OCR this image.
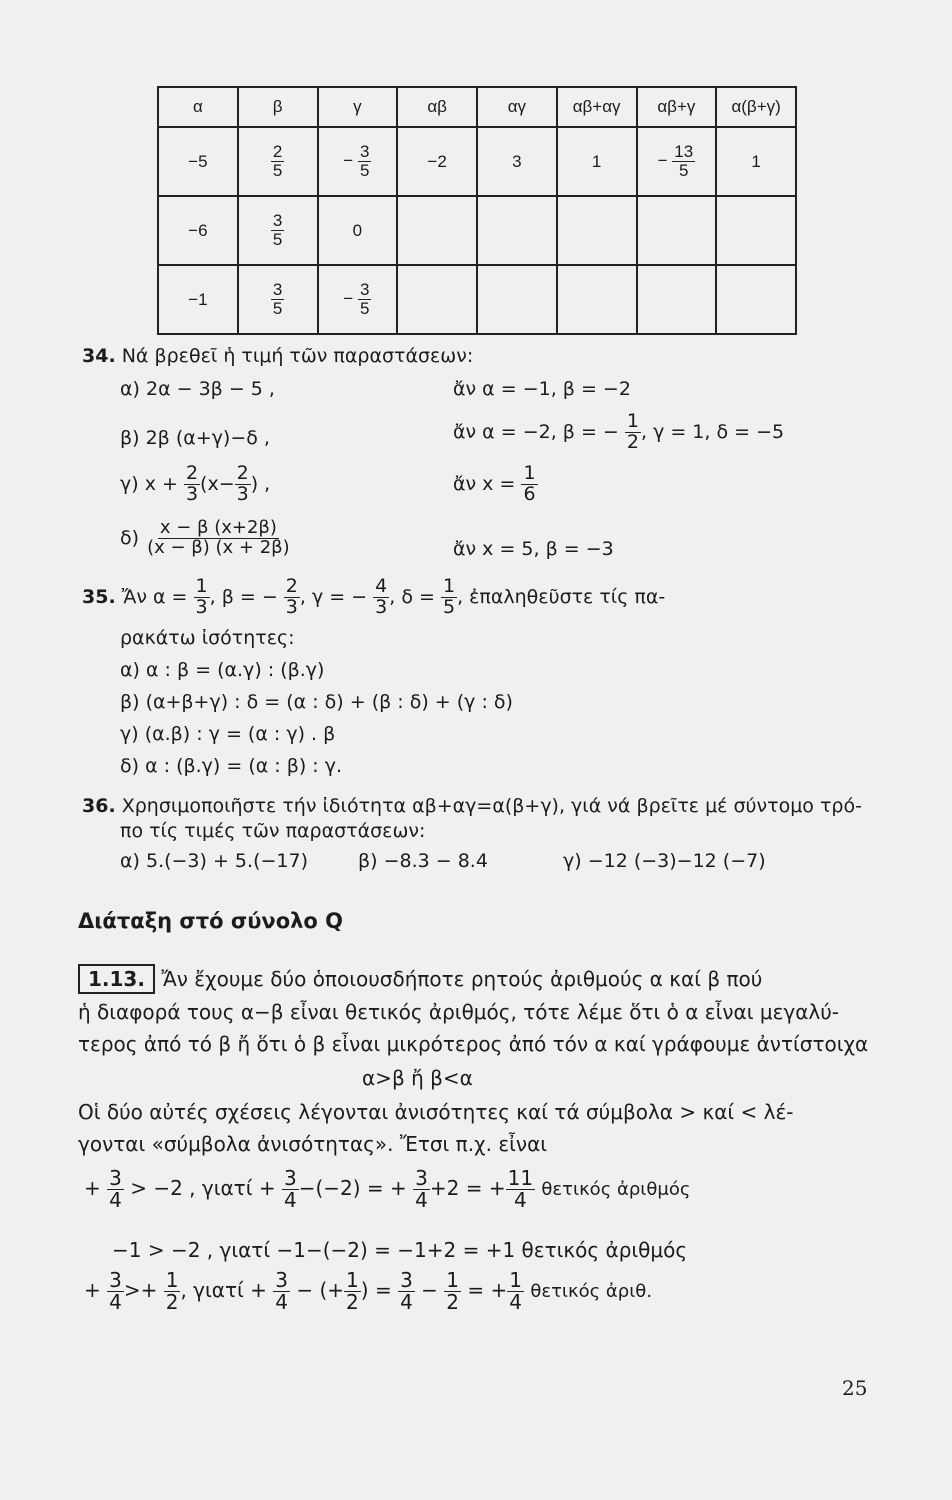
α	β	γ	αβ	αγ	αβ+αγ	αβ+γ	α(β+γ)
−5	$\frac{2}{5}$	− $\frac{3}{5}$	−2	3	1	− $\frac{13}{5}$	1
−6	$\frac{3}{5}$	0					
−1	$\frac{3}{5}$	− $\frac{3}{5}$

34. Νά βρεθεῖ ἡ τιμή τῶν παραστάσεων:
α) 2α − 3β − 5 ,	ἄν α = −1, β = −2
β) 2β (α+γ)−δ ,	ἄν α = −2, β = − $\frac{1}{2}$ , γ = 1, δ = −5
γ) $x + \frac{2}{3} (x- \frac{2}{3}$ ) ,	ἄν $x = \frac{1}{6}$
$\delta) \frac{x - \beta (x+2\beta)}{(x - \beta) (x + 2\beta)}$	ἄν x = 5, β = −3
35. Ἄν $\alpha = \frac{1}{3}$ , β = − $\frac{2}{3}$ , γ = − $\frac{4}{3}$ , $\delta = \frac{1}{5}$ , ἐπαληθεῦστε τίς πα-
ρακάτω ἰσότητες:
α) α : β = (α.γ) : (β.γ)
β) (α+β+γ) : δ = (α : δ) + (β : δ) + (γ : δ)
γ) (α.β) : γ = (α : γ) . β
δ) α : (β.γ) = (α : β) : γ.
36. Χρησιμοποιῆστε τήν ἰδιότητα αβ+αγ=α(β+γ), γιά νά βρεῖτε μέ σύντομο τρό-
πο τίς τιμές τῶν παραστάσεων:
α) 5.(−3) + 5.(−17)	β) −8.3 − 8.4	γ) −12 (−3)−12 (−7)
Διάταξη στό σύνολο Q
1.13. Ἄν ἔχουμε δύο ὁποιουσδήποτε ρητούς ἀριθμούς α καί β πού
ἡ διαφορά τους α−β εἶναι θετικός ἀριθμός, τότε λέμε ὅτι ὁ α εἶναι μεγαλύ-
τερος ἀπό τό β ἤ ὅτι ὁ β εἶναι μικρότερος ἀπό τόν α καί γράφουμε ἀντίστοιχα
α>β ἤ β<α
Οἱ δύο αὐτές σχέσεις λέγονται ἀνισότητες καί τά σύμβολα > καί < λέ-
γονται «σύμβολα ἀνισότητας». Ἔτσι π.χ. εἶναι
+ $\frac{3}{4} > -2$ , $\gamma\iota\alpha\tau ί + \frac{3}{4} -(-2)$ = + $\frac{3}{4} +2$ = + $\frac{11}{4}$ θετικός ἀριθμός
−1 > −2 , γιατί −1−(−2) = −1+2 = +1 θετικός ἀριθμός
+ $\frac{3}{4} >+ \frac{1}{2}$ , $\gamma\iota\alpha\tau ί + \frac{3}{4}$ − (+ $\frac{1}{2}$ ) = $\frac{3}{4} - \frac{1}{2}$ = + $\frac{1}{4}$ θετικός ἀριθ.
25
